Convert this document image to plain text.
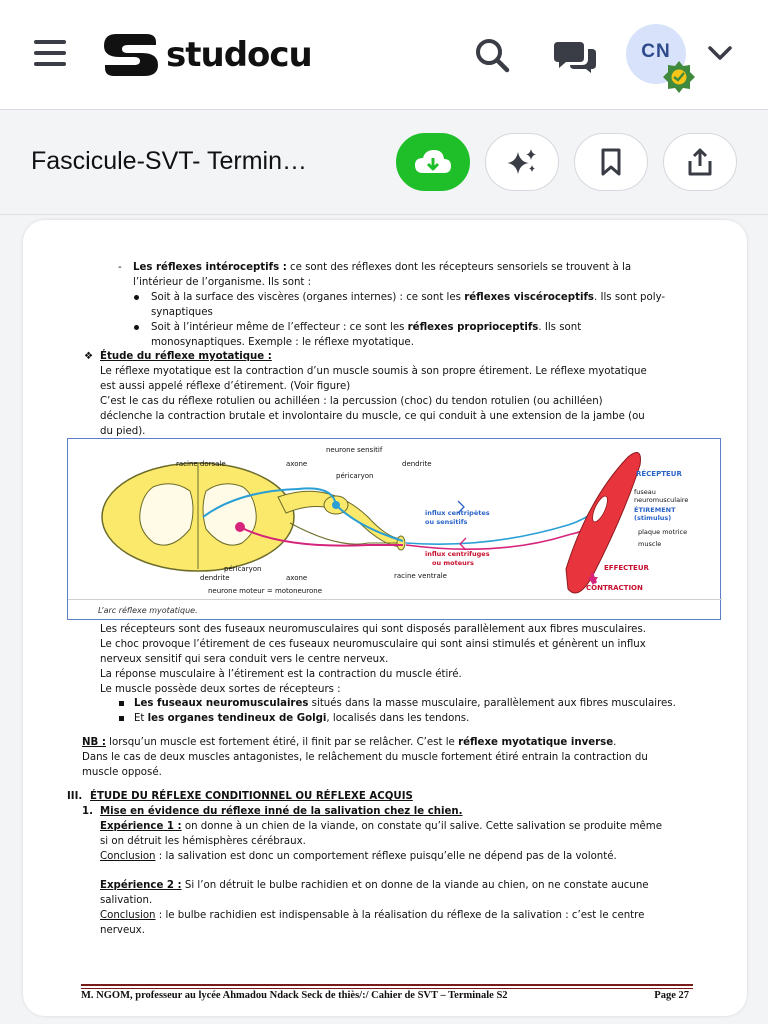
studocu	CN
Fascicule-SVT- Termin…
- Les réflexes intéroceptifs : ce sont des réflexes dont les récepteurs sensoriels se trouvent à la
l’intérieur de l’organisme. Ils sont :
Soit à la surface des viscères (organes internes) : ce sont les réflexes viscéroceptifs. Ils sont poly-
synaptiques
Soit à l’intérieur même de l’effecteur : ce sont les réflexes proprioceptifs. Ils sont
monosynaptiques. Exemple : le réflexe myotatique.
❖ Étude du réflexe myotatique :
Le réflexe myotatique est la contraction d’un muscle soumis à son propre étirement. Le réflexe myotatique
est aussi appelé réflexe d’étirement. (Voir figure)
C’est le cas du réflexe rotulien ou achilléen : la percussion (choc) du tendon rotulien (ou achilléen)
déclenche la contraction brutale et involontaire du muscle, ce qui conduit à une extension de la jambe (ou
du pied).
neurone sensitif
racine dorsale	axone
péricaryon
dendrite
RÉCEPTEUR
fuseau
neuromusculaire
ÉTIREMENT
(stimulus)
plaque motrice
muscle
influx centripètes
ou sensitifs
influx centrifuges
ou moteurs
EFFECTEUR
CONTRACTION
péricaryon
dendrite	axone	racine ventrale
neurone moteur = motoneurone
L’arc réflexe myotatique.
Les récepteurs sont des fuseaux neuromusculaires qui sont disposés parallèlement aux fibres musculaires.
Le choc provoque l’étirement de ces fuseaux neuromusculaire qui sont ainsi stimulés et génèrent un influx
nerveux sensitif qui sera conduit vers le centre nerveux.
La réponse musculaire à l’étirement est la contraction du muscle étiré.
Le muscle possède deux sortes de récepteurs :
Les fuseaux neuromusculaires situés dans la masse musculaire, parallèlement aux fibres musculaires.
Et les organes tendineux de Golgi, localisés dans les tendons.
NB : lorsqu’un muscle est fortement étiré, il finit par se relâcher. C’est le réflexe myotatique inverse.
Dans le cas de deux muscles antagonistes, le relâchement du muscle fortement étiré entrain la contraction du
muscle opposé.
III. ÉTUDE DU RÉFLEXE CONDITIONNEL OU RÉFLEXE ACQUIS
1. Mise en évidence du réflexe inné de la salivation chez le chien.
Expérience 1 : on donne à un chien de la viande, on constate qu’il salive. Cette salivation se produite même
si on détruit les hémisphères cérébraux.
Conclusion : la salivation est donc un comportement réflexe puisqu’elle ne dépend pas de la volonté.
Expérience 2 : Si l’on détruit le bulbe rachidien et on donne de la viande au chien, on ne constate aucune
salivation.
Conclusion : le bulbe rachidien est indispensable à la réalisation du réflexe de la salivation : c’est le centre
nerveux.
M. NGOM, professeur au lycée Ahmadou Ndack Seck de thiès/:/ Cahier de SVT – Terminale S2	Page 27
